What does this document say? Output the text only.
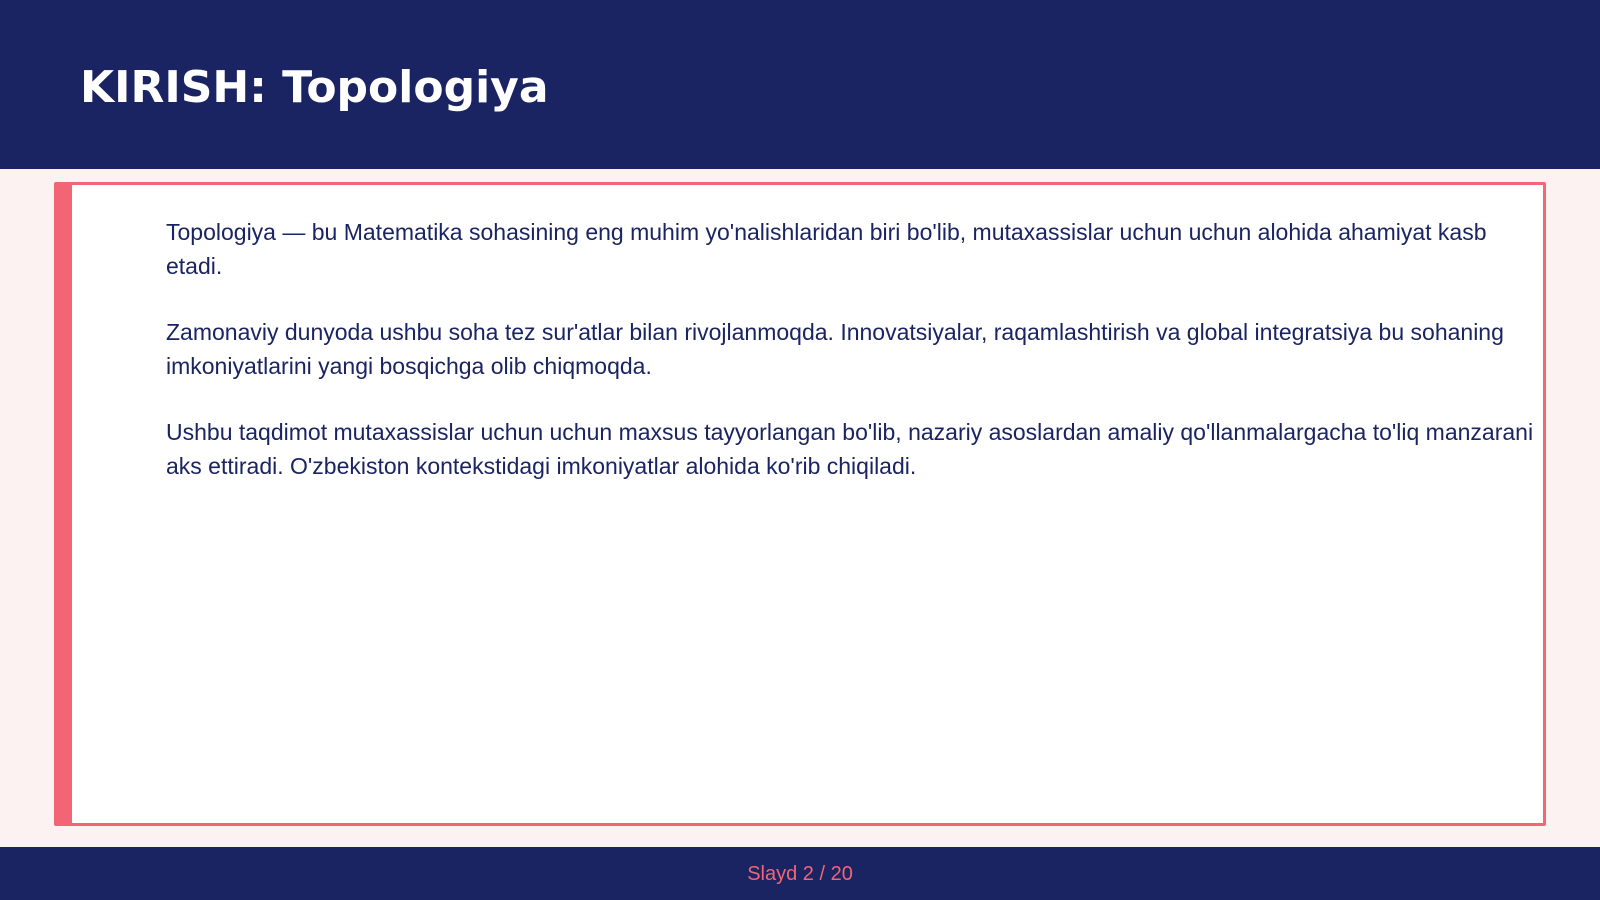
KIRISH: Topologiya

Topologiya — bu Matematika sohasining eng muhim yo'nalishlaridan biri bo'lib, mutaxassislar uchun uchun alohida ahamiyat kasb etadi.

Zamonaviy dunyoda ushbu soha tez sur'atlar bilan rivojlanmoqda. Innovatsiyalar, raqamlashtirish va global integratsiya bu sohaning imkoniyatlarini yangi bosqichga olib chiqmoqda.

Ushbu taqdimot mutaxassislar uchun uchun maxsus tayyorlangan bo'lib, nazariy asoslardan amaliy qo'llanmalargacha to'liq manzarani aks ettiradi. O'zbekiston kontekstidagi imkoniyatlar alohida ko'rib chiqiladi.

Slayd 2 / 20
